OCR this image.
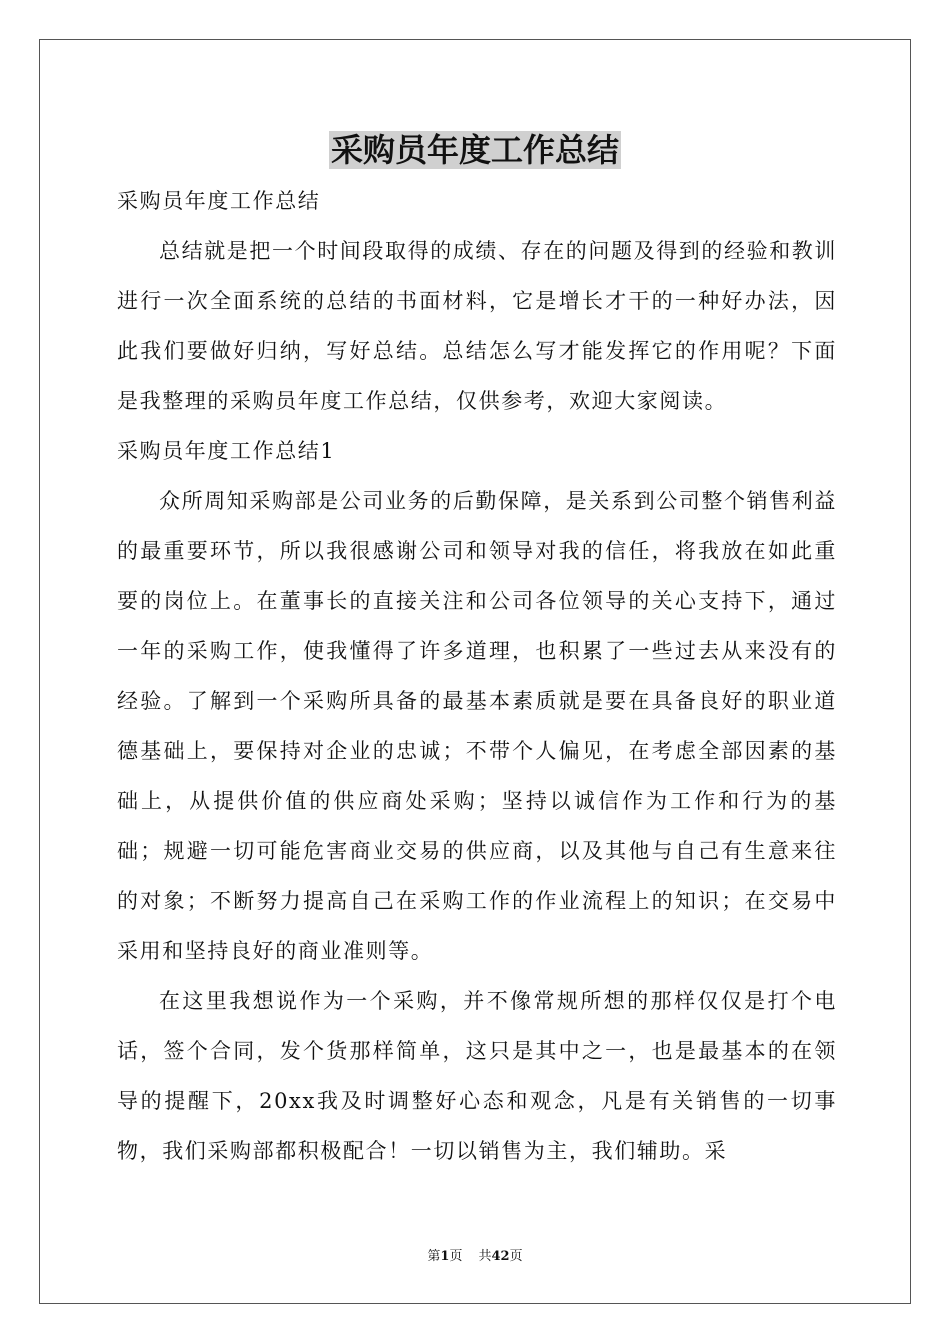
采购员年度工作总结

采购员年度工作总结

总结就是把一个时间段取得的成绩、存在的问题及得到的经验和教训进行一次全面系统的总结的书面材料，它是增长才干的一种好办法，因此我们要做好归纳，写好总结。总结怎么写才能发挥它的作用呢？下面是我整理的采购员年度工作总结，仅供参考，欢迎大家阅读。

采购员年度工作总结1

众所周知采购部是公司业务的后勤保障，是关系到公司整个销售利益的最重要环节，所以我很感谢公司和领导对我的信任，将我放在如此重要的岗位上。在董事长的直接关注和公司各位领导的关心支持下，通过一年的采购工作，使我懂得了许多道理，也积累了一些过去从来没有的经验。了解到一个采购所具备的最基本素质就是要在具备良好的职业道德基础上，要保持对企业的忠诚；不带个人偏见，在考虑全部因素的基础上，从提供价值的供应商处采购；坚持以诚信作为工作和行为的基础；规避一切可能危害商业交易的供应商，以及其他与自己有生意来往的对象；不断努力提高自己在采购工作的作业流程上的知识；在交易中采用和坚持良好的商业准则等。

在这里我想说作为一个采购，并不像常规所想的那样仅仅是打个电话，签个合同，发个货那样简单，这只是其中之一，也是最基本的在领导的提醒下，20xx我及时调整好心态和观念，凡是有关销售的一切事物，我们采购部都积极配合！一切以销售为主，我们辅助。采

第1页 共42页
